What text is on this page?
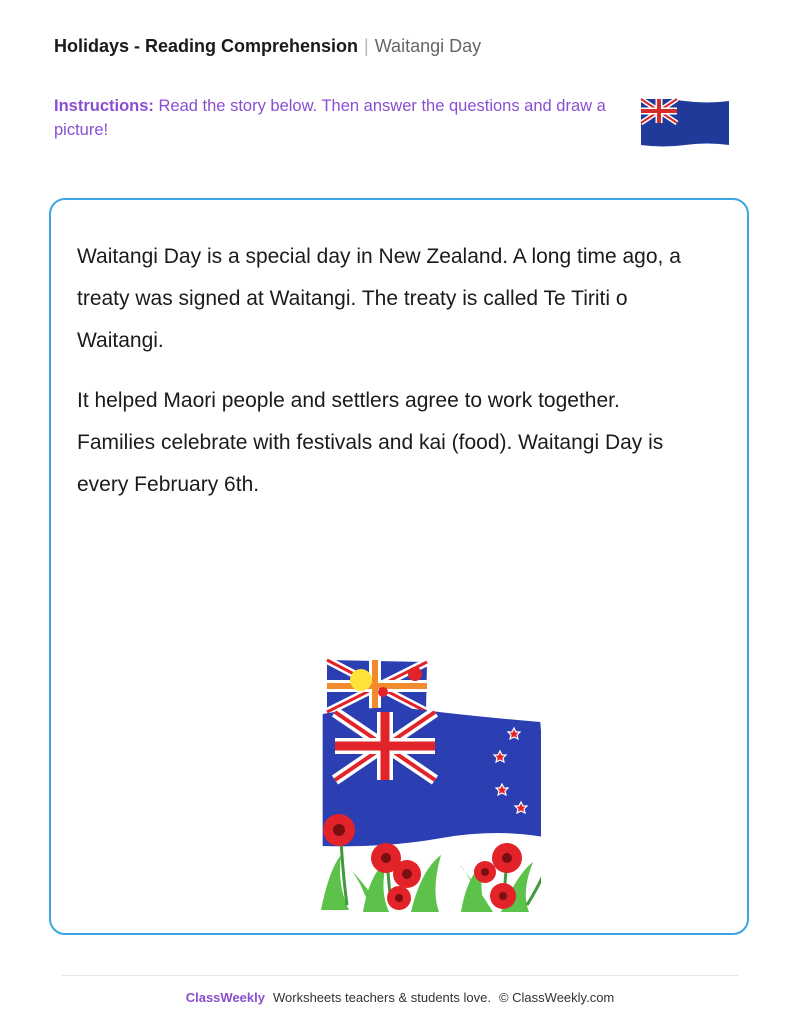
Holidays - Reading Comprehension | Waitangi Day
Instructions: Read the story below. Then answer the questions and draw a picture!

Waitangi Day is a special day in New Zealand. A long time ago, a treaty was signed at Waitangi. The treaty is called Te Tiriti o Waitangi.

It helped Maori people and settlers agree to work together. Families celebrate with festivals and kai (food). Waitangi Day is every February 6th.

ClassWeekly Worksheets teachers & students love. © ClassWeekly.com
